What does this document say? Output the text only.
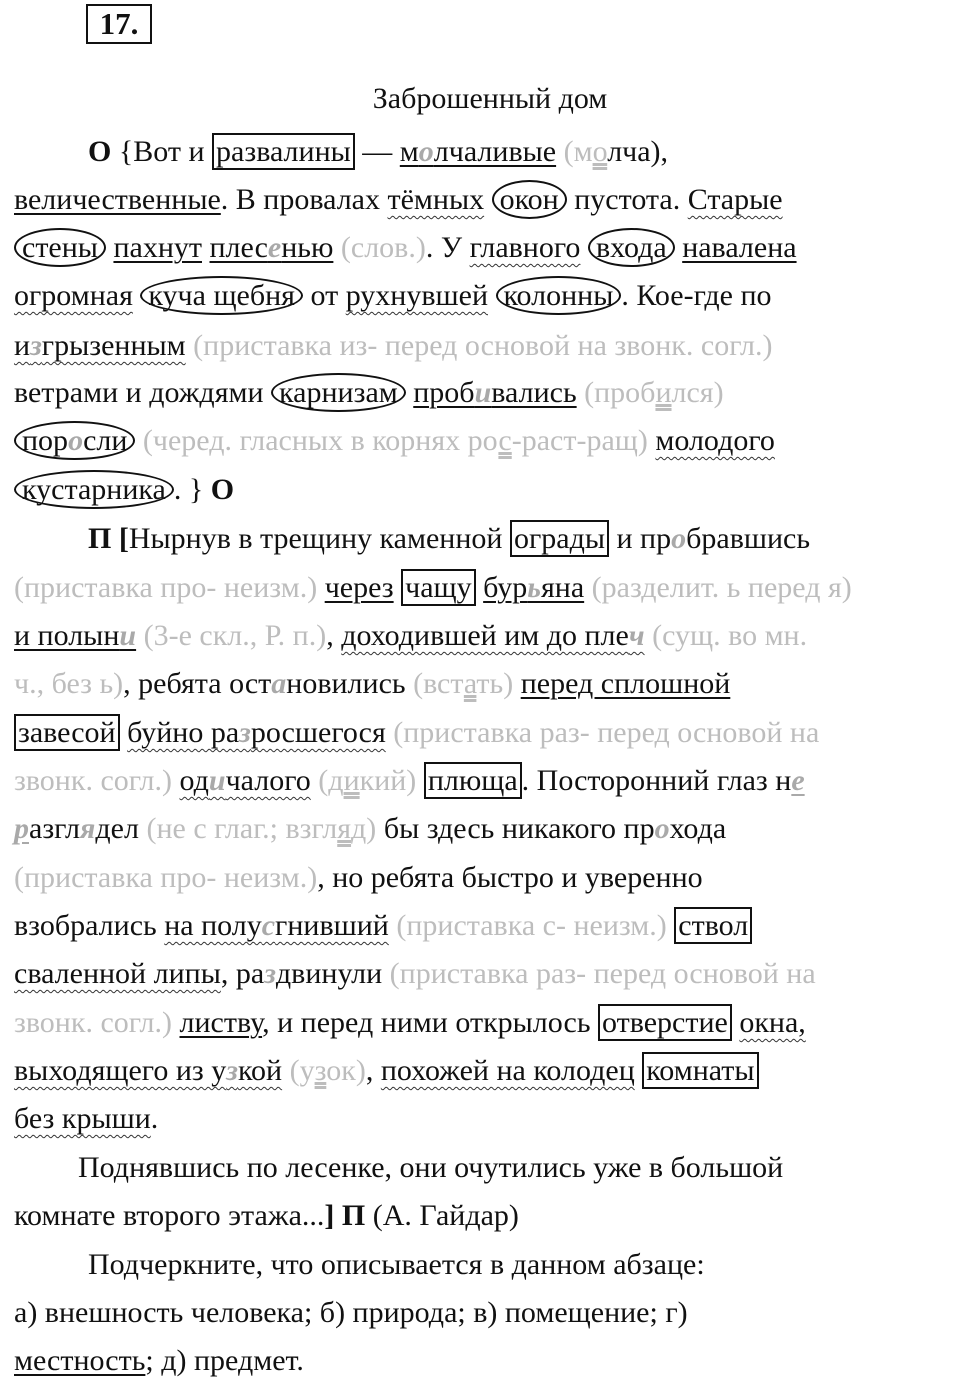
17.
Заброшенный дом
О {Вот и развалины — молчаливые (молча),
величественные. В провалах тёмных окон пустота. Старые
стены пахнут плесенью (слов.). У главного входа навалена
огромная куча щебня от рухнувшей колонны . Кое-где по
изгрызенным (приставка из- перед основой на звонк. согл.)
ветрами и дождями карнизам пробивались (пробился)
поросли (черед. гласных в корнях рос-раст-ращ) молодого
кустарника . } О
П [Нырнув в трещину каменной ограды и пробравшись
(приставка про- неизм.) через чащу бурьяна (разделит. ь перед я)
и полыни (3-е скл., Р. п.), доходившей им до плеч (сущ. во мн.
ч., без ь), ребята остановились (встать) перед сплошной
завесой буйно разросшегося (приставка раз- перед основой на
звонк. согл.) одичалого (дикий) плюща . Посторонний глаз не
разглядел (не с глаг.; взгляд) бы здесь никакого прохода
(приставка про- неизм.), но ребята быстро и уверенно
взобрались на полусгнивший (приставка с- неизм.) ствол
сваленной липы, раздвинули (приставка раз- перед основой на
звонк. согл.) листву, и перед ними открылось отверстие окна,
выходящего из узкой (узок), похожей на колодец комнаты
без крыши.
Поднявшись по лесенке, они очутились уже в большой
комнате второго этажа...] П (А. Гайдар)
Подчеркните, что описывается в данном абзаце:
а) внешность человека; б) природа; в) помещение; г)
местность; д) предмет.
